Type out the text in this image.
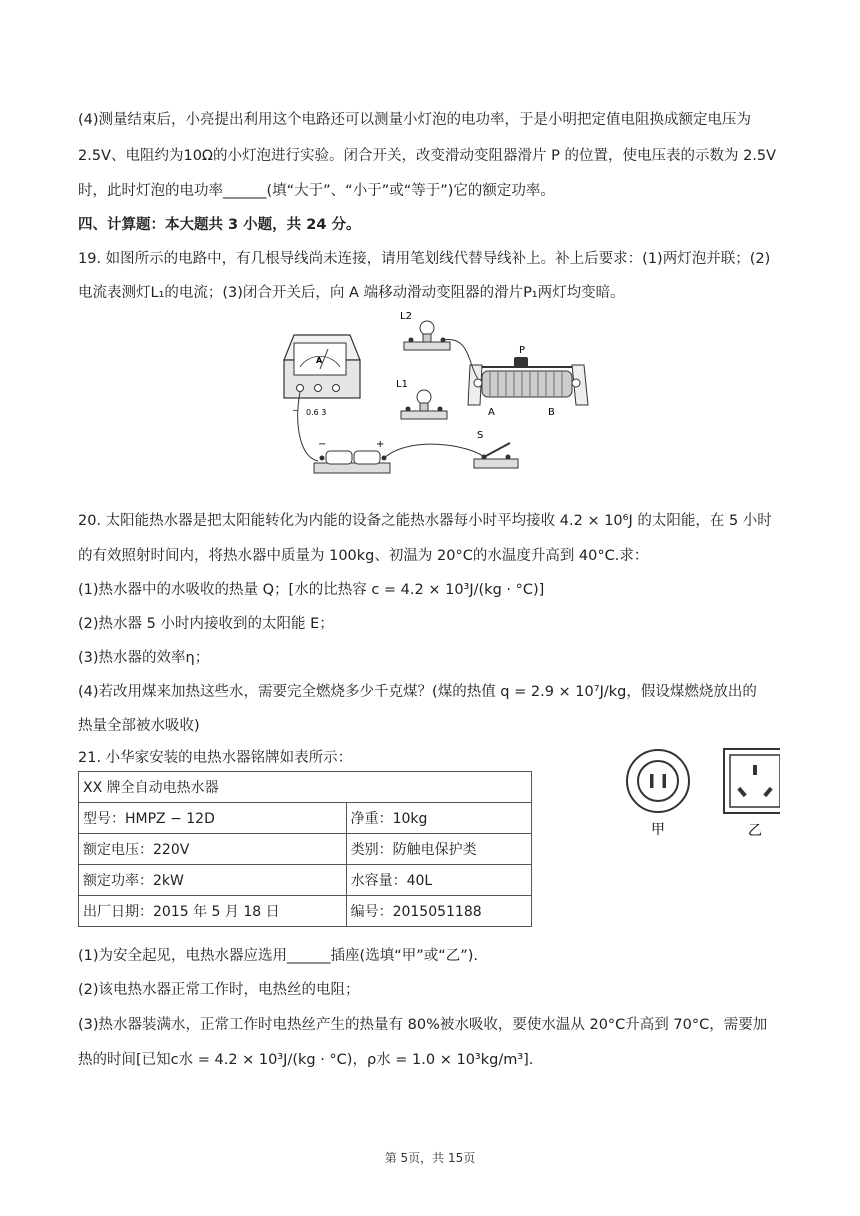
(4)测量结束后，小亮提出利用这个电路还可以测量小灯泡的电功率，于是小明把定值电阻换成额定电压为
2.5V、电阻约为10Ω的小灯泡进行实验。闭合开关，改变滑动变阻器滑片 P 的位置，使电压表的示数为 2.5V
时，此时灯泡的电功率______(填“大于”、“小于”或“等于”)它的额定功率。
四、计算题：本大题共 3 小题，共 24 分。
19. 如图所示的电路中，有几根导线尚未连接，请用笔划线代替导线补上。补上后要求：(1)两灯泡并联；(2)
电流表测灯L₁的电流；(3)闭合开关后，向 A 端移动滑动变阻器的滑片P₁两灯均变暗。
A
− 0.6 3
L2
L1
P
A	B
−	+
S
20. 太阳能热水器是把太阳能转化为内能的设备之能热水器每小时平均接收 4.2 × 10⁶J 的太阳能，在 5 小时
的有效照射时间内，将热水器中质量为 100kg、初温为 20°C的水温度升高到 40°C.求：
(1)热水器中的水吸收的热量 Q；[水的比热容 c = 4.2 × 10³J/(kg · °C)]
(2)热水器 5 小时内接收到的太阳能 E；
(3)热水器的效率η；
(4)若改用煤来加热这些水，需要完全燃烧多少千克煤？(煤的热值 q = 2.9 × 10⁷J/kg，假设煤燃烧放出的
热量全部被水吸收)
21. 小华家安装的电热水器铭牌如表所示：
XX 牌全自动电热水器	
型号：HMPZ − 12D	净重：10kg
额定电压：220V	类别：防触电保护类
额定功率：2kW	水容量：40L
出厂日期：2015 年 5 月 18 日	编号：2015051188
甲	乙
(1)为安全起见，电热水器应选用______插座(选填“甲”或“乙”).
(2)该电热水器正常工作时，电热丝的电阻；
(3)热水器装满水，正常工作时电热丝产生的热量有 80%被水吸收，要使水温从 20°C升高到 70°C，需要加
热的时间[已知c水 = 4.2 × 10³J/(kg · °C)，ρ水 = 1.0 × 10³kg/m³].
第 5页，共 15页
